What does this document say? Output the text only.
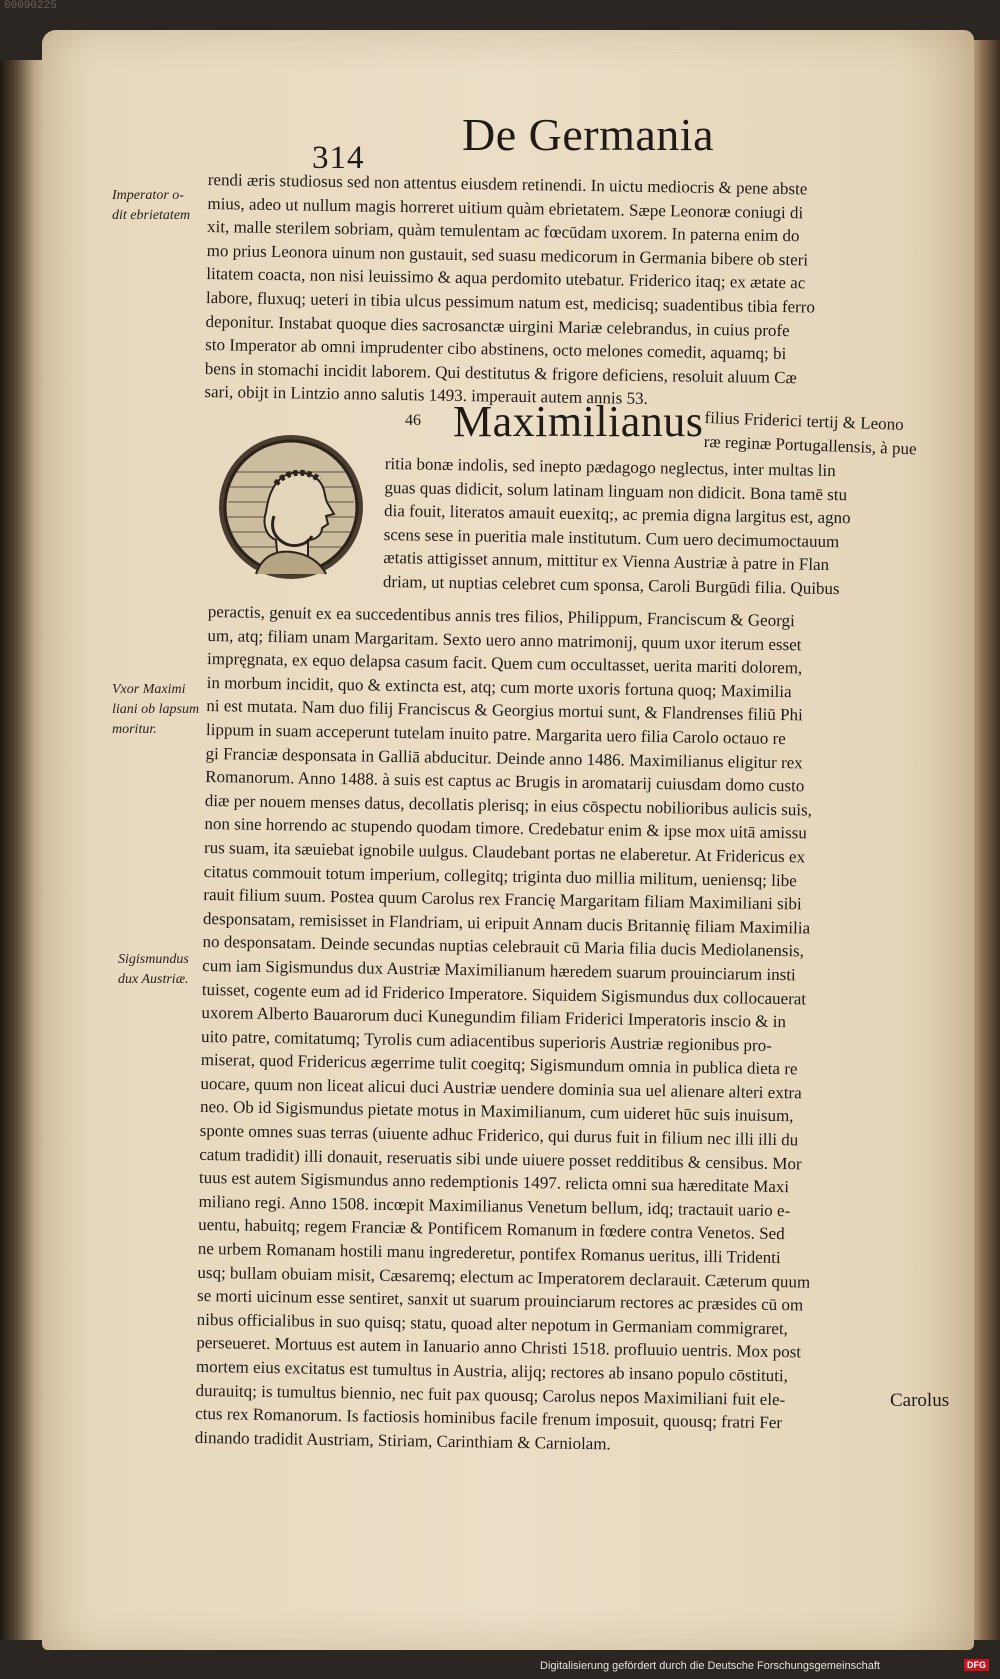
00090225
314 De Germania
Imperator o-
dit ebrietatem
Vxor Maximi
liani ob lapsum
moritur.
Sigismundus
dux Austriæ.
rendi æris studiosus sed non attentus eiusdem retinendi. In uictu mediocris & pene abste
mius, adeo ut nullum magis horreret uitium quàm ebrietatem. Sæpe Leonoræ coniugi di
xit, malle sterilem sobriam, quàm temulentam ac fœcūdam uxorem. In paterna enim do
mo prius Leonora uinum non gustauit, sed suasu medicorum in Germania bibere ob steri
litatem coacta, non nisi leuissimo & aqua perdomito utebatur. Friderico itaq; ex ætate ac
labore, fluxuq; ueteri in tibia ulcus pessimum natum est, medicisq; suadentibus tibia ferro
deponitur. Instabat quoque dies sacrosanctæ uirgini Mariæ celebrandus, in cuius profe
sto Imperator ab omni imprudenter cibo abstinens, octo melones comedit, aquamq; bi
bens in stomachi incidit laborem. Qui destitutus & frigore deficiens, resoluit aluum Cæ
sari, obijt in Lintzio anno salutis 1493. imperauit autem annis 53.
46 Maximilianus filius Friderici tertij & Leono
ræ reginæ Portugallensis, à pue
ritia bonæ indolis, sed inepto pædagogo neglectus, inter multas lin
guas quas didicit, solum latinam linguam non didicit. Bona tamē stu
dia fouit, literatos amauit euexitq;, ac premia digna largitus est, agno
scens sese in pueritia male institutum. Cum uero decimumoctauum
ætatis attigisset annum, mittitur ex Vienna Austriæ à patre in Flan
driam, ut nuptias celebret cum sponsa, Caroli Burgūdi filia. Quibus
peractis, genuit ex ea succedentibus annis tres filios, Philippum, Franciscum & Georgi
um, atq; filiam unam Margaritam. Sexto uero anno matrimonij, quum uxor iterum esset
impręgnata, ex equo delapsa casum facit. Quem cum occultasset, uerita mariti dolorem,
in morbum incidit, quo & extincta est, atq; cum morte uxoris fortuna quoq; Maximilia
ni est mutata. Nam duo filij Franciscus & Georgius mortui sunt, & Flandrenses filiū Phi
lippum in suam acceperunt tutelam inuito patre. Margarita uero filia Carolo octauo re
gi Franciæ desponsata in Galliā abducitur. Deinde anno 1486. Maximilianus eligitur rex
Romanorum. Anno 1488. à suis est captus ac Brugis in aromatarij cuiusdam domo custo
diæ per nouem menses datus, decollatis plerisq; in eius cōspectu nobilioribus aulicis suis,
non sine horrendo ac stupendo quodam timore. Credebatur enim & ipse mox uitā amissu
rus suam, ita sæuiebat ignobile uulgus. Claudebant portas ne elaberetur. At Fridericus ex
citatus commouit totum imperium, collegitq; triginta duo millia militum, ueniensq; libe
rauit filium suum. Postea quum Carolus rex Francię Margaritam filiam Maximiliani sibi
desponsatam, remisisset in Flandriam, ui eripuit Annam ducis Britannię filiam Maximilia
no desponsatam. Deinde secundas nuptias celebrauit cū Maria filia ducis Mediolanensis,
cum iam Sigismundus dux Austriæ Maximilianum hæredem suarum prouinciarum insti
tuisset, cogente eum ad id Friderico Imperatore. Siquidem Sigismundus dux collocauerat
uxorem Alberto Bauarorum duci Kunegundim filiam Friderici Imperatoris inscio & in
uito patre, comitatumq; Tyrolis cum adiacentibus superioris Austriæ regionibus pro-
miserat, quod Fridericus ægerrime tulit coegitq; Sigismundum omnia in publica dieta re
uocare, quum non liceat alicui duci Austriæ uendere dominia sua uel alienare alteri extra
neo. Ob id Sigismundus pietate motus in Maximilianum, cum uideret hūc suis inuisum,
sponte omnes suas terras (uiuente adhuc Friderico, qui durus fuit in filium nec illi illi du
catum tradidit) illi donauit, reseruatis sibi unde uiuere posset redditibus & censibus. Mor
tuus est autem Sigismundus anno redemptionis 1497. relicta omni sua hæreditate Maxi
miliano regi. Anno 1508. incœpit Maximilianus Venetum bellum, idq; tractauit uario e-
uentu, habuitq; regem Franciæ & Pontificem Romanum in fœdere contra Venetos. Sed
ne urbem Romanam hostili manu ingrederetur, pontifex Romanus ueritus, illi Tridenti
usq; bullam obuiam misit, Cæsaremq; electum ac Imperatorem declarauit. Cæterum quum
se morti uicinum esse sentiret, sanxit ut suarum prouinciarum rectores ac præsides cū om
nibus officialibus in suo quisq; statu, quoad alter nepotum in Germaniam commigraret,
perseueret. Mortuus est autem in Ianuario anno Christi 1518. profluuio uentris. Mox post
mortem eius excitatus est tumultus in Austria, alijq; rectores ab insano populo cōstituti,
durauitq; is tumultus biennio, nec fuit pax quousq; Carolus nepos Maximiliani fuit ele-
ctus rex Romanorum. Is factiosis hominibus facile frenum imposuit, quousq; fratri Fer
dinando tradidit Austriam, Stiriam, Carinthiam & Carniolam.
Carolus
Digitalisierung gefördert durch die Deutsche Forschungsgemeinschaft	DFG
